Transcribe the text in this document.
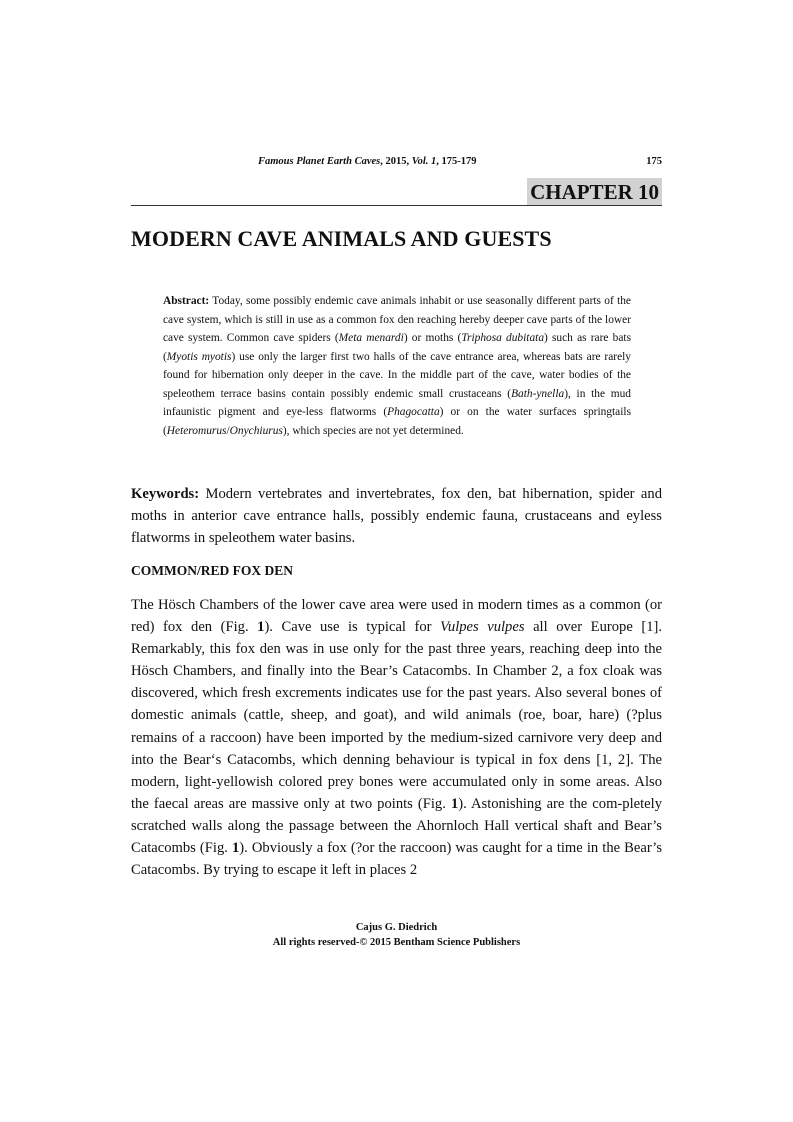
Famous Planet Earth Caves, 2015, Vol. 1, 175-179	175
CHAPTER 10
MODERN CAVE ANIMALS AND GUESTS
Abstract: Today, some possibly endemic cave animals inhabit or use seasonally different parts of the cave system, which is still in use as a common fox den reaching hereby deeper cave parts of the lower cave system. Common cave spiders (Meta menardi) or moths (Triphosa dubitata) such as rare bats (Myotis myotis) use only the larger first two halls of the cave entrance area, whereas bats are rarely found for hibernation only deeper in the cave. In the middle part of the cave, water bodies of the speleothem terrace basins contain possibly endemic small crustaceans (Bath-ynella), in the mud infaunistic pigment and eye-less flatworms (Phagocatta) or on the water surfaces springtails (Heteromurus/Onychiurus), which species are not yet determined.
Keywords: Modern vertebrates and invertebrates, fox den, bat hibernation, spider and moths in anterior cave entrance halls, possibly endemic fauna, crustaceans and eyless flatworms in speleothem water basins.
COMMON/RED FOX DEN
The Hösch Chambers of the lower cave area were used in modern times as a common (or red) fox den (Fig. 1). Cave use is typical for Vulpes vulpes all over Europe [1]. Remarkably, this fox den was in use only for the past three years, reaching deep into the Hösch Chambers, and finally into the Bear’s Catacombs. In Chamber 2, a fox cloak was discovered, which fresh excrements indicates use for the past years. Also several bones of domestic animals (cattle, sheep, and goat), and wild animals (roe, boar, hare) (?plus remains of a raccoon) have been imported by the medium-sized carnivore very deep and into the Bear‘s Catacombs, which denning behaviour is typical in fox dens [1, 2]. The modern, light-yellowish colored prey bones were accumulated only in some areas. Also the faecal areas are massive only at two points (Fig. 1). Astonishing are the com-pletely scratched walls along the passage between the Ahornloch Hall vertical shaft and Bear’s Catacombs (Fig. 1). Obviously a fox (?or the raccoon) was caught for a time in the Bear’s Catacombs. By trying to escape it left in places 2
Cajus G. Diedrich
All rights reserved-© 2015 Bentham Science Publishers
